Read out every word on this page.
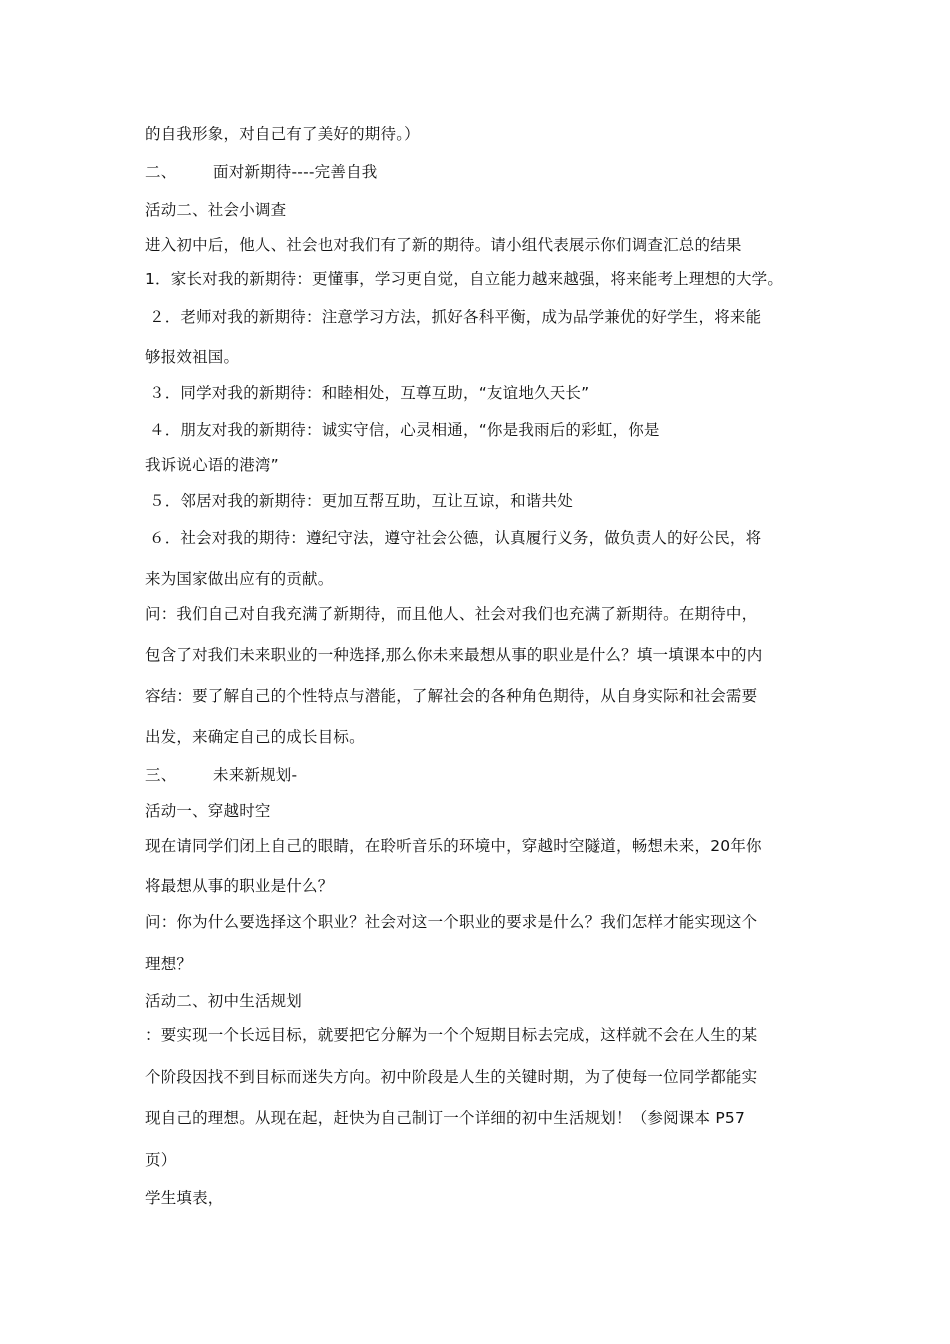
的自我形象，对自己有了美好的期待。）
二、 面对新期待----完善自我
活动二、社会小调查
进入初中后，他人、社会也对我们有了新的期待。请小组代表展示你们调查汇总的结果
1．家长对我的新期待：更懂事，学习更自觉，自立能力越来越强，将来能考上理想的大学。
２．老师对我的新期待：注意学习方法，抓好各科平衡，成为品学兼优的好学生，将来能
够报效祖国。
３．同学对我的新期待：和睦相处，互尊互助，“友谊地久天长”
４．朋友对我的新期待：诚实守信，心灵相通，“你是我雨后的彩虹，你是
我诉说心语的港湾”
５．邻居对我的新期待：更加互帮互助，互让互谅，和谐共处
６．社会对我的期待：遵纪守法，遵守社会公德，认真履行义务，做负责人的好公民，将
来为国家做出应有的贡献。
问：我们自己对自我充满了新期待，而且他人、社会对我们也充满了新期待。在期待中，
包含了对我们未来职业的一种选择,那么你未来最想从事的职业是什么？填一填课本中的内
容结：要了解自己的个性特点与潜能，了解社会的各种角色期待，从自身实际和社会需要
出发，来确定自己的成长目标。
三、 未来新规划-
活动一、穿越时空
现在请同学们闭上自己的眼睛，在聆听音乐的环境中，穿越时空隧道，畅想未来，20年你
将最想从事的职业是什么？
问：你为什么要选择这个职业？社会对这一个职业的要求是什么？我们怎样才能实现这个
理想？
活动二、初中生活规划
：要实现一个长远目标，就要把它分解为一个个短期目标去完成，这样就不会在人生的某
个阶段因找不到目标而迷失方向。初中阶段是人生的关键时期，为了使每一位同学都能实
现自己的理想。从现在起，赶快为自己制订一个详细的初中生活规划！（参阅课本 P57
页）
学生填表，
